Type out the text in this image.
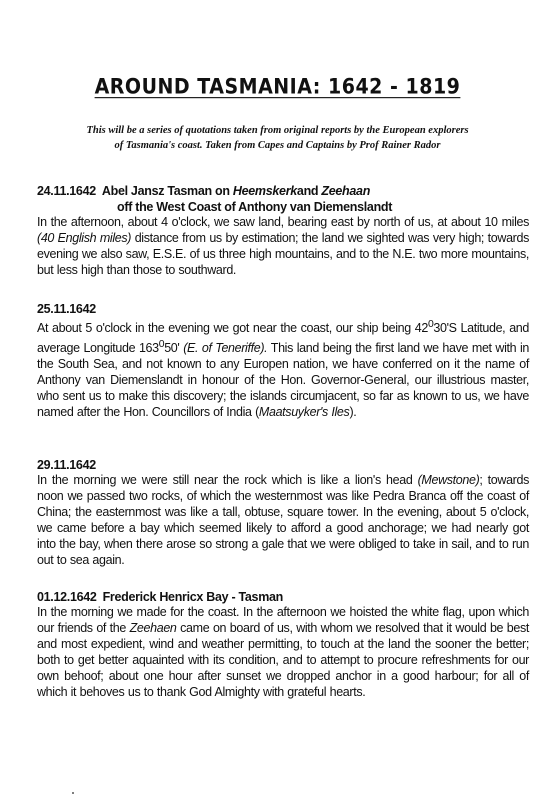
AROUND TASMANIA: 1642 - 1819
This will be a series of quotations taken from original reports by the European explorers
of Tasmania's coast. Taken from Capes and Captains by Prof Rainer Rador
24.11.1642 Abel Jansz Tasman on Heemskerkand Zeehaan
off the West Coast of Anthony van Diemenslandt
In the afternoon, about 4 o'clock, we saw land, bearing east by north of us, at about 10 miles (40 English miles) distance from us by estimation; the land we sighted was very high; towards evening we also saw, E.S.E. of us three high mountains, and to the N.E. two more mountains, but less high than those to southward.
25.11.1642
At about 5 o'clock in the evening we got near the coast, our ship being $42^030'S$ Latitude, and average Longitude $163^050'$ (E. of Teneriffe). This land being the first land we have met with in the South Sea, and not known to any Europen nation, we have conferred on it the name of Anthony van Diemenslandt in honour of the Hon. Governor-General, our illustrious master, who sent us to make this discovery; the islands circumjacent, so far as known to us, we have named after the Hon. Councillors of India (Maatsuyker's Iles).
29.11.1642
In the morning we were still near the rock which is like a lion's head (Mewstone); towards noon we passed two rocks, of which the westernmost was like Pedra Branca off the coast of China; the easternmost was like a tall, obtuse, square tower. In the evening, about 5 o'clock, we came before a bay which seemed likely to afford a good anchorage; we had nearly got into the bay, when there arose so strong a gale that we were obliged to take in sail, and to run out to sea again.
01.12.1642 Frederick Henricx Bay - Tasman
In the morning we made for the coast. In the afternoon we hoisted the white flag, upon which our friends of the Zeehaen came on board of us, with whom we resolved that it would be best and most expedient, wind and weather permitting, to touch at the land the sooner the better; both to get better aquainted with its condition, and to attempt to procure refreshments for our own behoof; about one hour after sunset we dropped anchor in a good harbour; for all of which it behoves us to thank God Almighty with grateful hearts.
